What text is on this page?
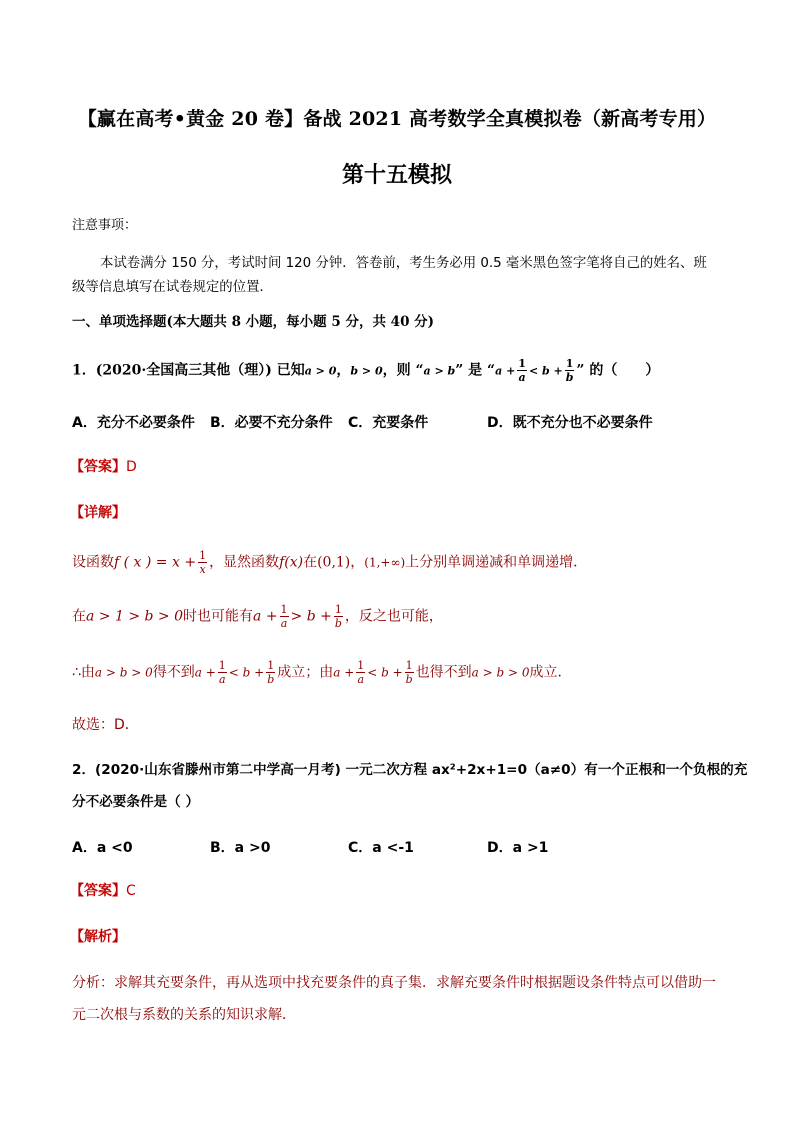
【赢在高考•黄金 20 卷】备战 2021 高考数学全真模拟卷（新高考专用）
第十五模拟
注意事项：
本试卷满分 150 分，考试时间 120 分钟．答卷前，考生务必用 0.5 毫米黑色签字笔将自己的姓名、班
级等信息填写在试卷规定的位置．
一、单项选择题(本大题共 8 小题，每小题 5 分，共 40 分)
1．(2020·全国高三其他（理）) 已知a > 0，b > 0，则 “a > b” 是 “$a + \frac{1}{a} < b + \frac{1}{b}$ ” 的（　　）
A．充分不必要条件 B．必要不充分条件 C．充要条件	D．既不充分也不必要条件
【答案】D
【详解】
设函数f ( x ) = $x + \frac{1}{x}$ ，显然函数f(x)在(0,1)，(1,+∞)上分别单调递减和单调递增．
在a > 1 > b > 0时也可能有$a + \frac{1}{a} > b + \frac{1}{b}$ ，反之也可能，
∴由a > b > 0得不到$a + \frac{1}{a} < b + \frac{1}{b}$ 成立；由$a + \frac{1}{a} < b + \frac{1}{b}$ 也得不到a > b > 0成立．
故选：D．
2．(2020·山东省滕州市第二中学高一月考) 一元二次方程 ax²+2x+1=0（a≠0）有一个正根和一个负根的充
分不必要条件是（ ）
A．a <0	B．a >0	C．a <-1	D．a >1
【答案】C
【解析】
分析：求解其充要条件，再从选项中找充要条件的真子集．求解充要条件时根据题设条件特点可以借助一
元二次根与系数的关系的知识求解．
